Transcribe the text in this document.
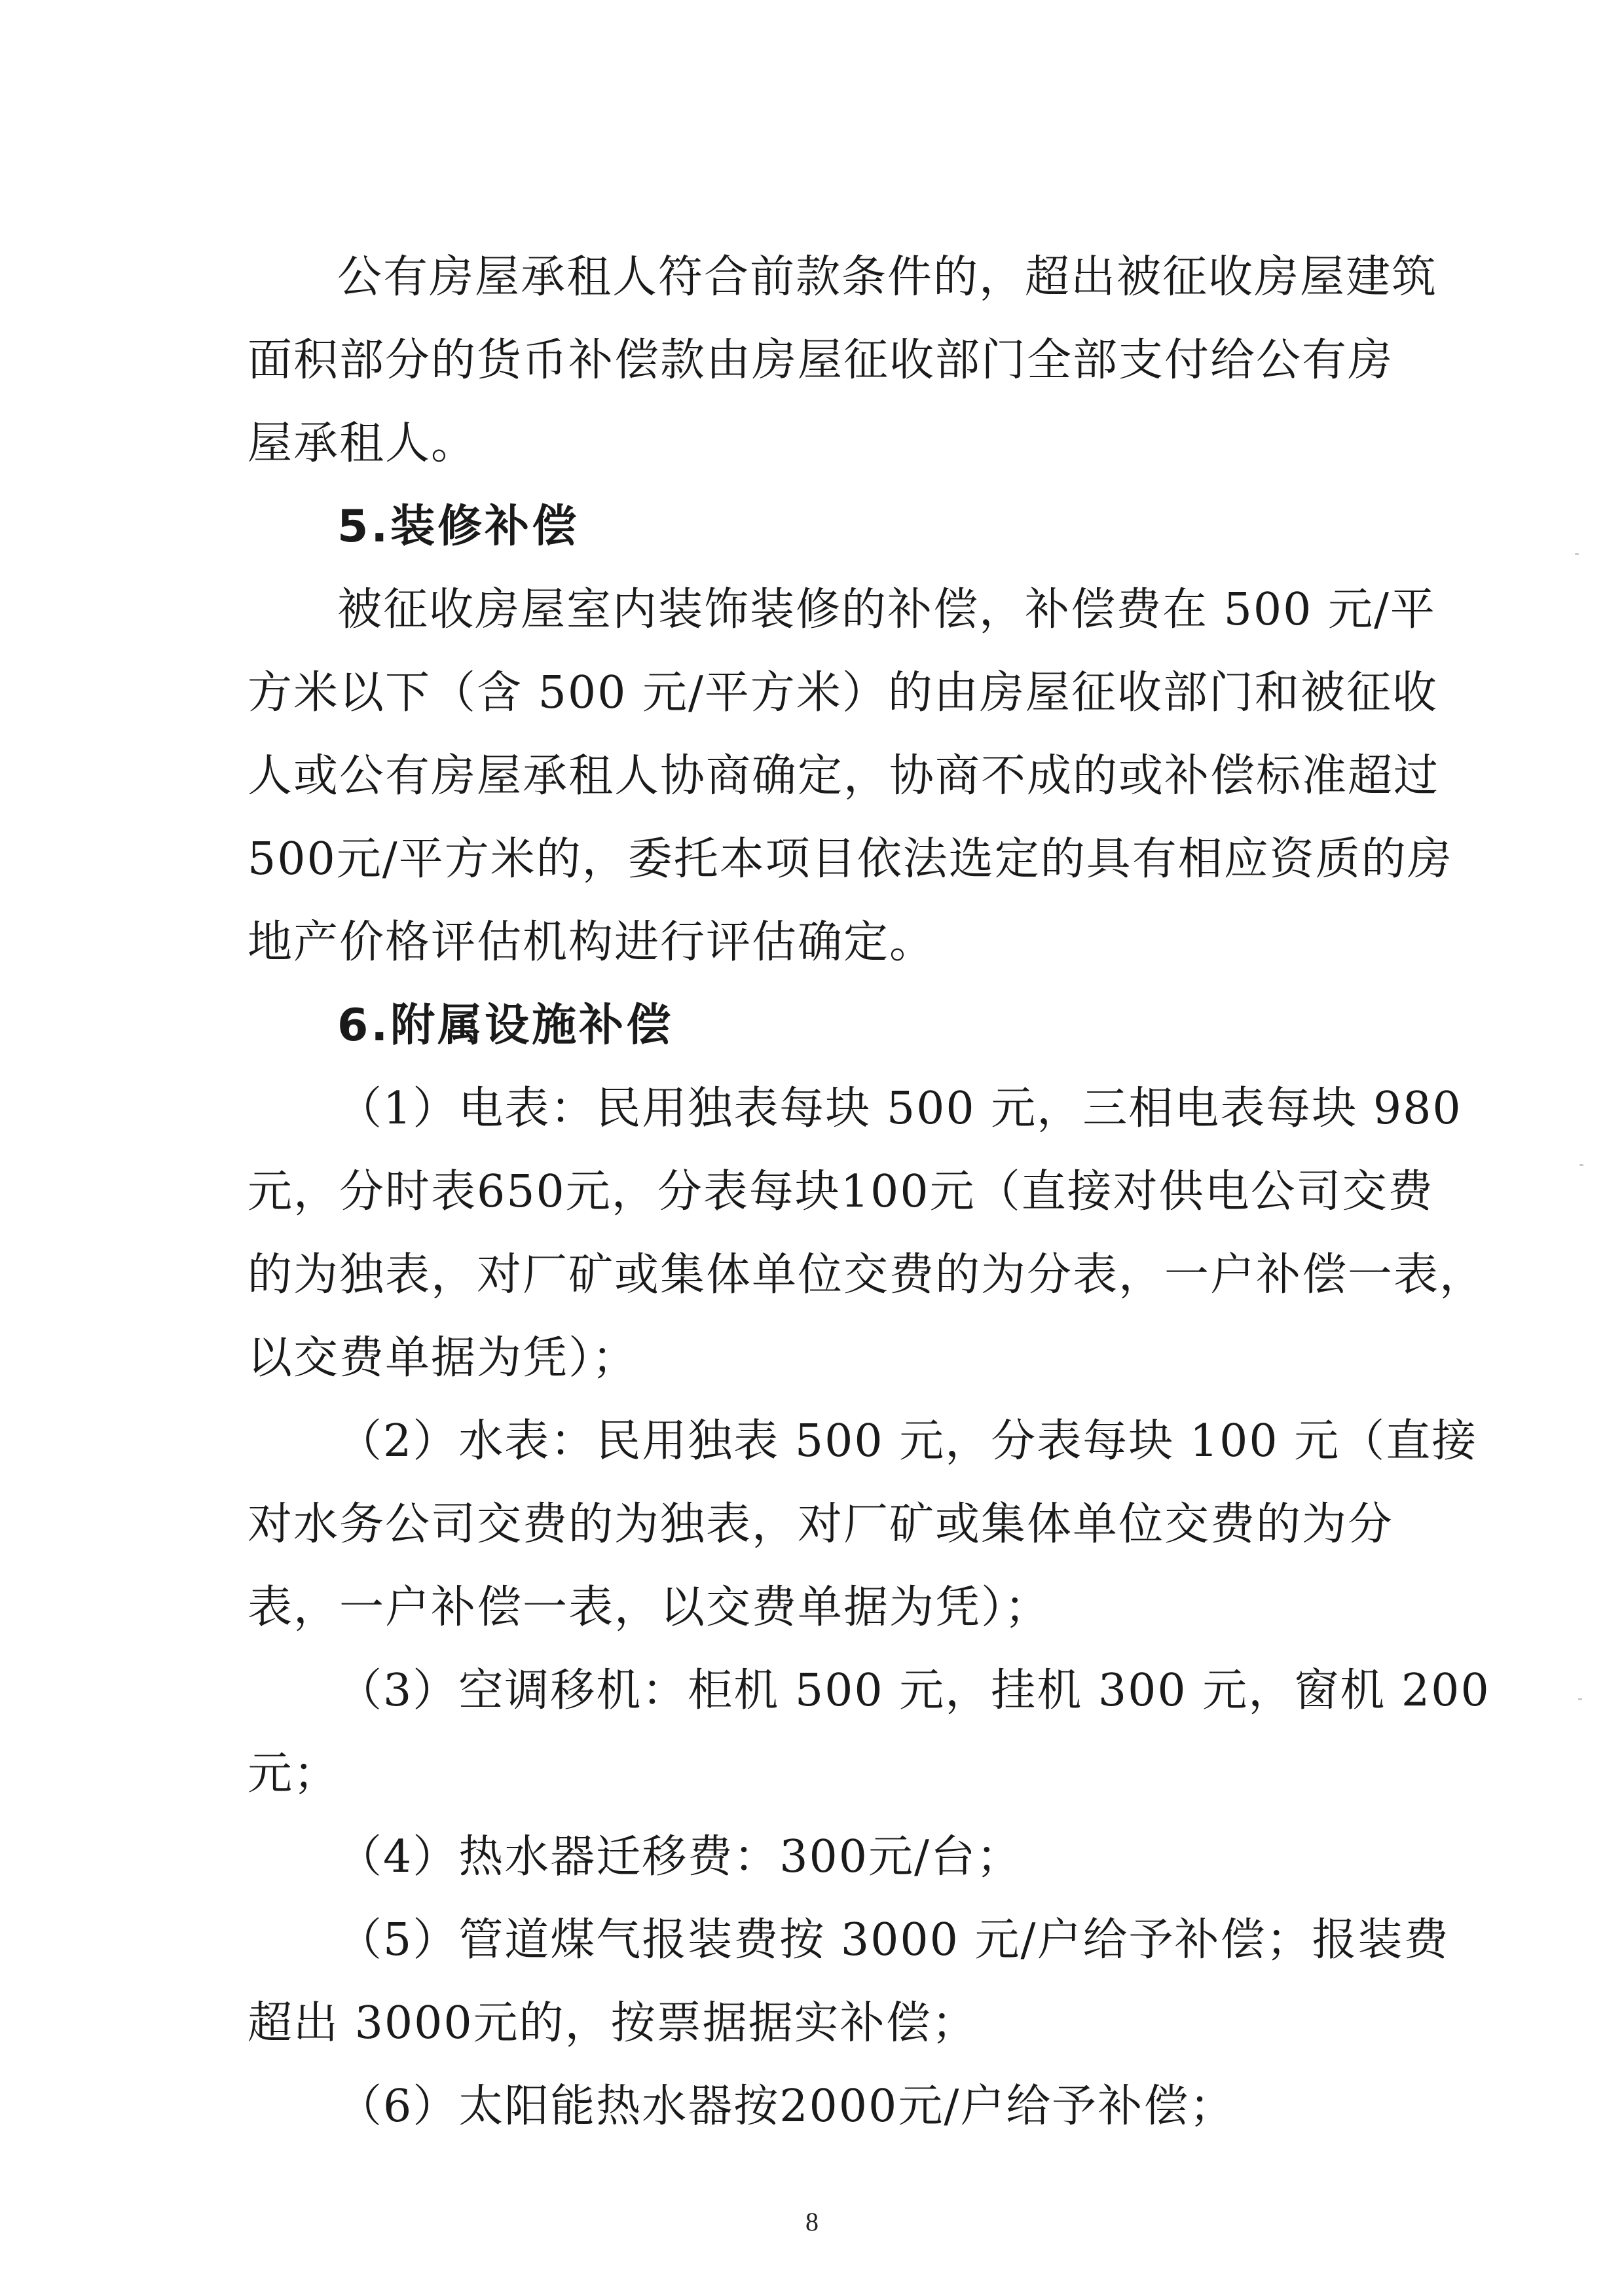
公有房屋承租人符合前款条件的，超出被征收房屋建筑
面积部分的货币补偿款由房屋征收部门全部支付给公有房
屋承租人。
5.装修补偿
被征收房屋室内装饰装修的补偿，补偿费在 500 元/平
方米以下（含 500 元/平方米）的由房屋征收部门和被征收
人或公有房屋承租人协商确定，协商不成的或补偿标准超过
500元/平方米的，委托本项目依法选定的具有相应资质的房
地产价格评估机构进行评估确定。
6.附属设施补偿
（1）电表：民用独表每块 500 元，三相电表每块 980
元，分时表650元，分表每块100元（直接对供电公司交费
的为独表，对厂矿或集体单位交费的为分表，一户补偿一表，
以交费单据为凭）；
（2）水表：民用独表 500 元，分表每块 100 元（直接
对水务公司交费的为独表，对厂矿或集体单位交费的为分
表，一户补偿一表，以交费单据为凭）；
（3）空调移机：柜机 500 元，挂机 300 元，窗机 200
元；
（4）热水器迁移费：300元/台；
（5）管道煤气报装费按 3000 元/户给予补偿；报装费
超出 3000元的，按票据据实补偿；
（6）太阳能热水器按2000元/户给予补偿；
8
